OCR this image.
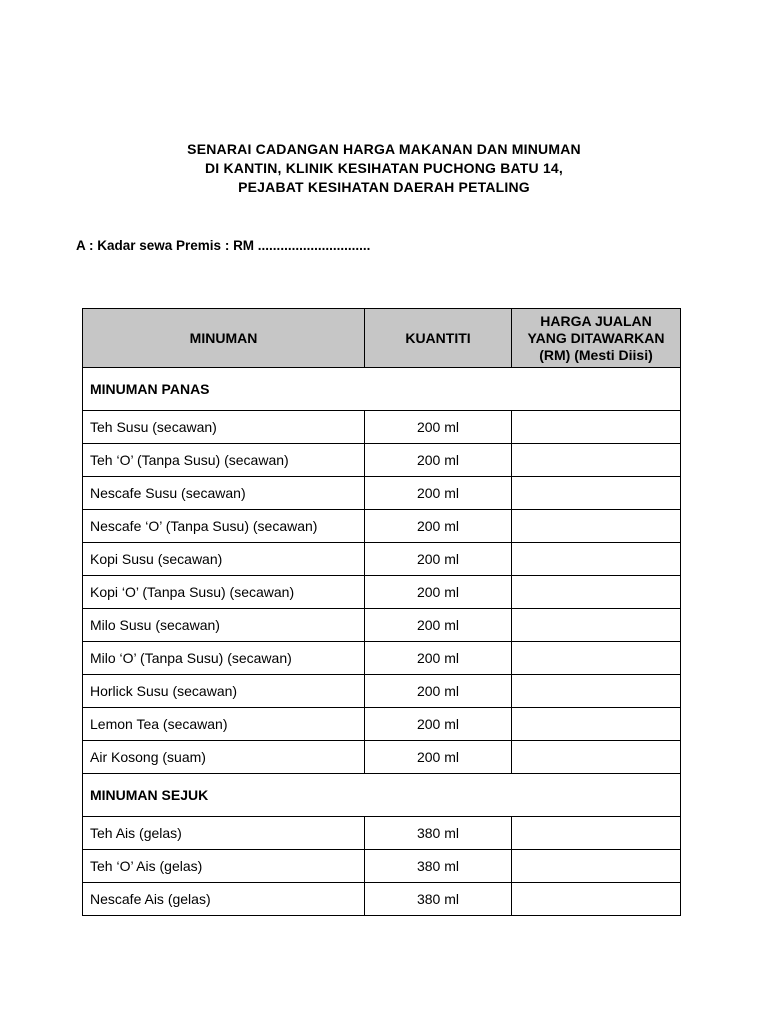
SENARAI CADANGAN HARGA MAKANAN DAN MINUMAN
DI KANTIN, KLINIK KESIHATAN PUCHONG BATU 14,
PEJABAT KESIHATAN DAERAH PETALING
A : Kadar sewa Premis : RM ..............................
MINUMAN	KUANTITI	HARGA JUALAN
YANG DITAWARKAN
(RM) (Mesti Diisi)

MINUMAN PANAS		
Teh Susu (secawan)	200 ml	
Teh ‘O’ (Tanpa Susu) (secawan)	200 ml	
Nescafe Susu (secawan)	200 ml	
Nescafe ‘O’ (Tanpa Susu) (secawan)	200 ml	
Kopi Susu (secawan)	200 ml	
Kopi ‘O’ (Tanpa Susu) (secawan)	200 ml	
Milo Susu (secawan)	200 ml	
Milo ‘O’ (Tanpa Susu) (secawan)	200 ml	
Horlick Susu (secawan)	200 ml	
Lemon Tea (secawan)	200 ml	
Air Kosong (suam)	200 ml	
MINUMAN SEJUK		
Teh Ais (gelas)	380 ml	
Teh ‘O’ Ais (gelas)	380 ml	
Nescafe Ais (gelas)	380 ml	
